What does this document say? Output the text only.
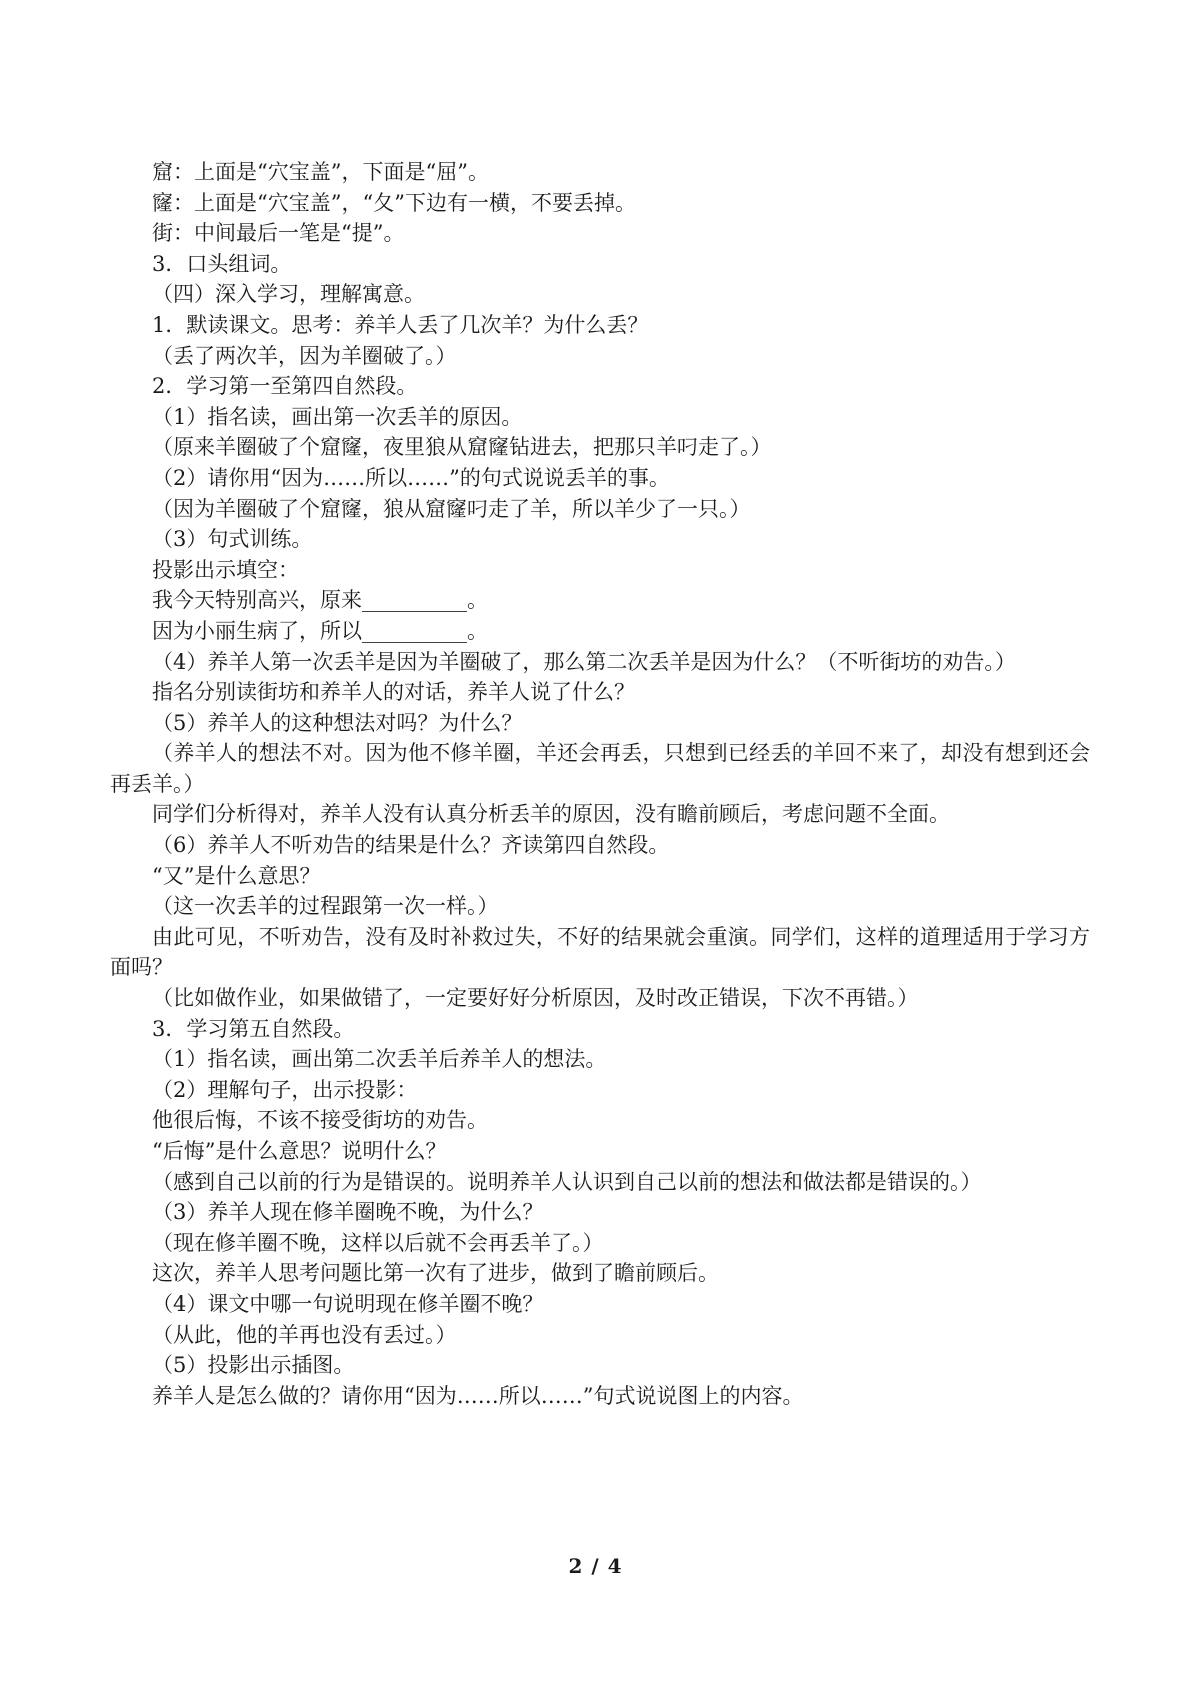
窟：上面是“穴宝盖”，下面是“屈”。

窿：上面是“穴宝盖”，“夂”下边有一横，不要丢掉。

街：中间最后一笔是“提”。

3．口头组词。

（四）深入学习，理解寓意。

1．默读课文。思考：养羊人丢了几次羊？为什么丢？

（丢了两次羊，因为羊圈破了。）

2．学习第一至第四自然段。

（1）指名读，画出第一次丢羊的原因。

（原来羊圈破了个窟窿，夜里狼从窟窿钻进去，把那只羊叼走了。）

（2）请你用“因为……所以……”的句式说说丢羊的事。

（因为羊圈破了个窟窿，狼从窟窿叼走了羊，所以羊少了一只。）

（3）句式训练。

投影出示填空：

我今天特别高兴，原来__________。

因为小丽生病了，所以__________。

（4）养羊人第一次丢羊是因为羊圈破了，那么第二次丢羊是因为什么？（不听街坊的劝告。）

指名分别读街坊和养羊人的对话，养羊人说了什么？

（5）养羊人的这种想法对吗？为什么？

（养羊人的想法不对。因为他不修羊圈，羊还会再丢，只想到已经丢的羊回不来了，却没有想到还会再丢羊。）

同学们分析得对，养羊人没有认真分析丢羊的原因，没有瞻前顾后，考虑问题不全面。

（6）养羊人不听劝告的结果是什么？齐读第四自然段。

“又”是什么意思？

（这一次丢羊的过程跟第一次一样。）

由此可见，不听劝告，没有及时补救过失，不好的结果就会重演。同学们，这样的道理适用于学习方面吗？

（比如做作业，如果做错了，一定要好好分析原因，及时改正错误，下次不再错。）

3．学习第五自然段。

（1）指名读，画出第二次丢羊后养羊人的想法。

（2）理解句子，出示投影：

他很后悔，不该不接受街坊的劝告。

“后悔”是什么意思？说明什么？

（感到自己以前的行为是错误的。说明养羊人认识到自己以前的想法和做法都是错误的。）

（3）养羊人现在修羊圈晚不晚，为什么？

（现在修羊圈不晚，这样以后就不会再丢羊了。）

这次，养羊人思考问题比第一次有了进步，做到了瞻前顾后。

（4）课文中哪一句说明现在修羊圈不晚？

（从此，他的羊再也没有丢过。）

（5）投影出示插图。

养羊人是怎么做的？请你用“因为……所以……”句式说说图上的内容。

2 / 4
